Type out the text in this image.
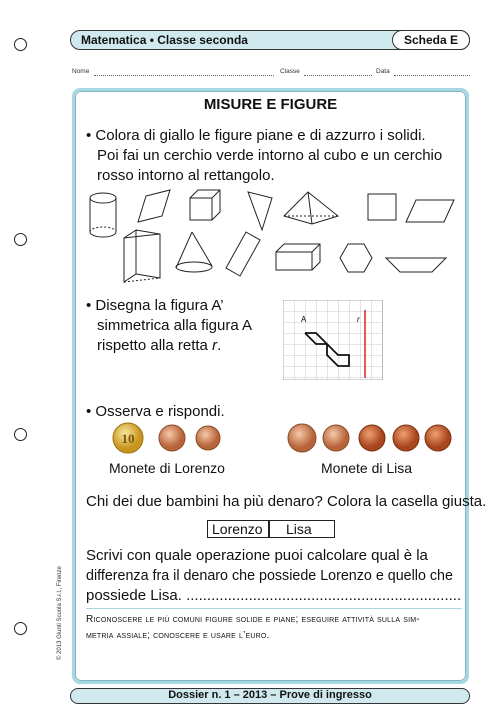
Matematica • Classe seconda	Scheda E
Nome	Classe	Data
MISURE E FIGURE
• Colora di giallo le figure piane e di azzurro i solidi.
Poi fai un cerchio verde intorno al cubo e un cerchio
rosso intorno al rettangolo.
• Disegna la figura A’
simmetrica alla figura A
rispetto alla retta r.
A	r
• Osserva e rispondi.
10
Monete di Lorenzo	Monete di Lisa
Chi dei due bambini ha più denaro? Colora la casella giusta.
Lorenzo	Lisa
Scrivi con quale operazione puoi calcolare qual è la
differenza fra il denaro che possiede Lorenzo e quello che
possiede Lisa. ..................................................................
Riconoscere le più comuni figure solide e piane; eseguire attività sulla sim-
metria assiale; conoscere e usare l’euro.
© 2013 Giunti Scuola S.r.l., Firenze
Dossier n. 1 – 2013 – Prove di ingresso
